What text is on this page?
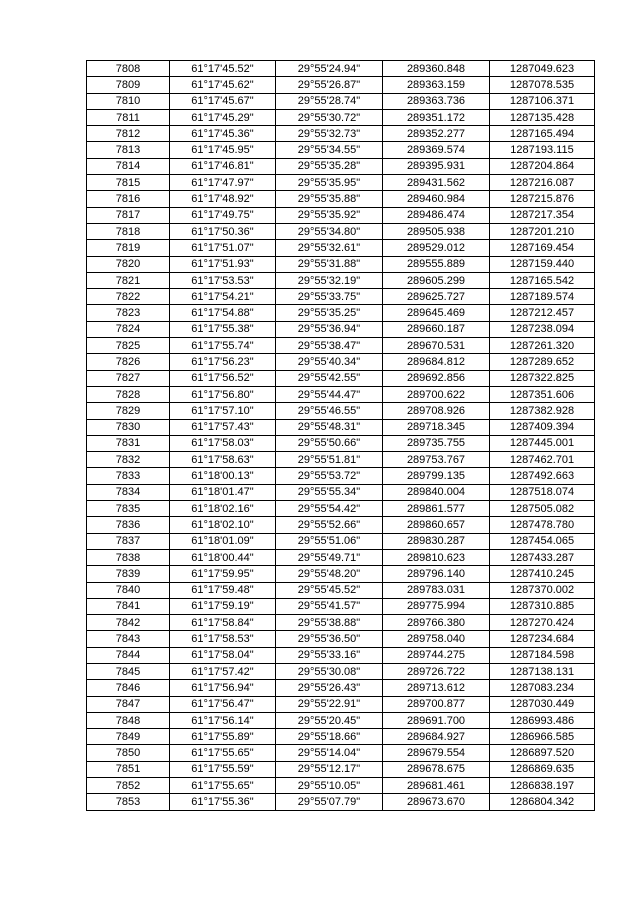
7808	61°17'45.52"	29°55'24.94"	289360.848	1287049.623
7809	61°17'45.62"	29°55'26.87"	289363.159	1287078.535
7810	61°17'45.67"	29°55'28.74"	289363.736	1287106.371
7811	61°17'45.29"	29°55'30.72"	289351.172	1287135.428
7812	61°17'45.36"	29°55'32.73"	289352.277	1287165.494
7813	61°17'45.95"	29°55'34.55"	289369.574	1287193.115
7814	61°17'46.81"	29°55'35.28"	289395.931	1287204.864
7815	61°17'47.97"	29°55'35.95"	289431.562	1287216.087
7816	61°17'48.92"	29°55'35.88"	289460.984	1287215.876
7817	61°17'49.75"	29°55'35.92"	289486.474	1287217.354
7818	61°17'50.36"	29°55'34.80"	289505.938	1287201.210
7819	61°17'51.07"	29°55'32.61"	289529.012	1287169.454
7820	61°17'51.93"	29°55'31.88"	289555.889	1287159.440
7821	61°17'53.53"	29°55'32.19"	289605.299	1287165.542
7822	61°17'54.21"	29°55'33.75"	289625.727	1287189.574
7823	61°17'54.88"	29°55'35.25"	289645.469	1287212.457
7824	61°17'55.38"	29°55'36.94"	289660.187	1287238.094
7825	61°17'55.74"	29°55'38.47"	289670.531	1287261.320
7826	61°17'56.23"	29°55'40.34"	289684.812	1287289.652
7827	61°17'56.52"	29°55'42.55"	289692.856	1287322.825
7828	61°17'56.80"	29°55'44.47"	289700.622	1287351.606
7829	61°17'57.10"	29°55'46.55"	289708.926	1287382.928
7830	61°17'57.43"	29°55'48.31"	289718.345	1287409.394
7831	61°17'58.03"	29°55'50.66"	289735.755	1287445.001
7832	61°17'58.63"	29°55'51.81"	289753.767	1287462.701
7833	61°18'00.13"	29°55'53.72"	289799.135	1287492.663
7834	61°18'01.47"	29°55'55.34"	289840.004	1287518.074
7835	61°18'02.16"	29°55'54.42"	289861.577	1287505.082
7836	61°18'02.10"	29°55'52.66"	289860.657	1287478.780
7837	61°18'01.09"	29°55'51.06"	289830.287	1287454.065
7838	61°18'00.44"	29°55'49.71"	289810.623	1287433.287
7839	61°17'59.95"	29°55'48.20"	289796.140	1287410.245
7840	61°17'59.48"	29°55'45.52"	289783.031	1287370.002
7841	61°17'59.19"	29°55'41.57"	289775.994	1287310.885
7842	61°17'58.84"	29°55'38.88"	289766.380	1287270.424
7843	61°17'58.53"	29°55'36.50"	289758.040	1287234.684
7844	61°17'58.04"	29°55'33.16"	289744.275	1287184.598
7845	61°17'57.42"	29°55'30.08"	289726.722	1287138.131
7846	61°17'56.94"	29°55'26.43"	289713.612	1287083.234
7847	61°17'56.47"	29°55'22.91"	289700.877	1287030.449
7848	61°17'56.14"	29°55'20.45"	289691.700	1286993.486
7849	61°17'55.89"	29°55'18.66"	289684.927	1286966.585
7850	61°17'55.65"	29°55'14.04"	289679.554	1286897.520
7851	61°17'55.59"	29°55'12.17"	289678.675	1286869.635
7852	61°17'55.65"	29°55'10.05"	289681.461	1286838.197
7853	61°17'55.36"	29°55'07.79"	289673.670	1286804.342
